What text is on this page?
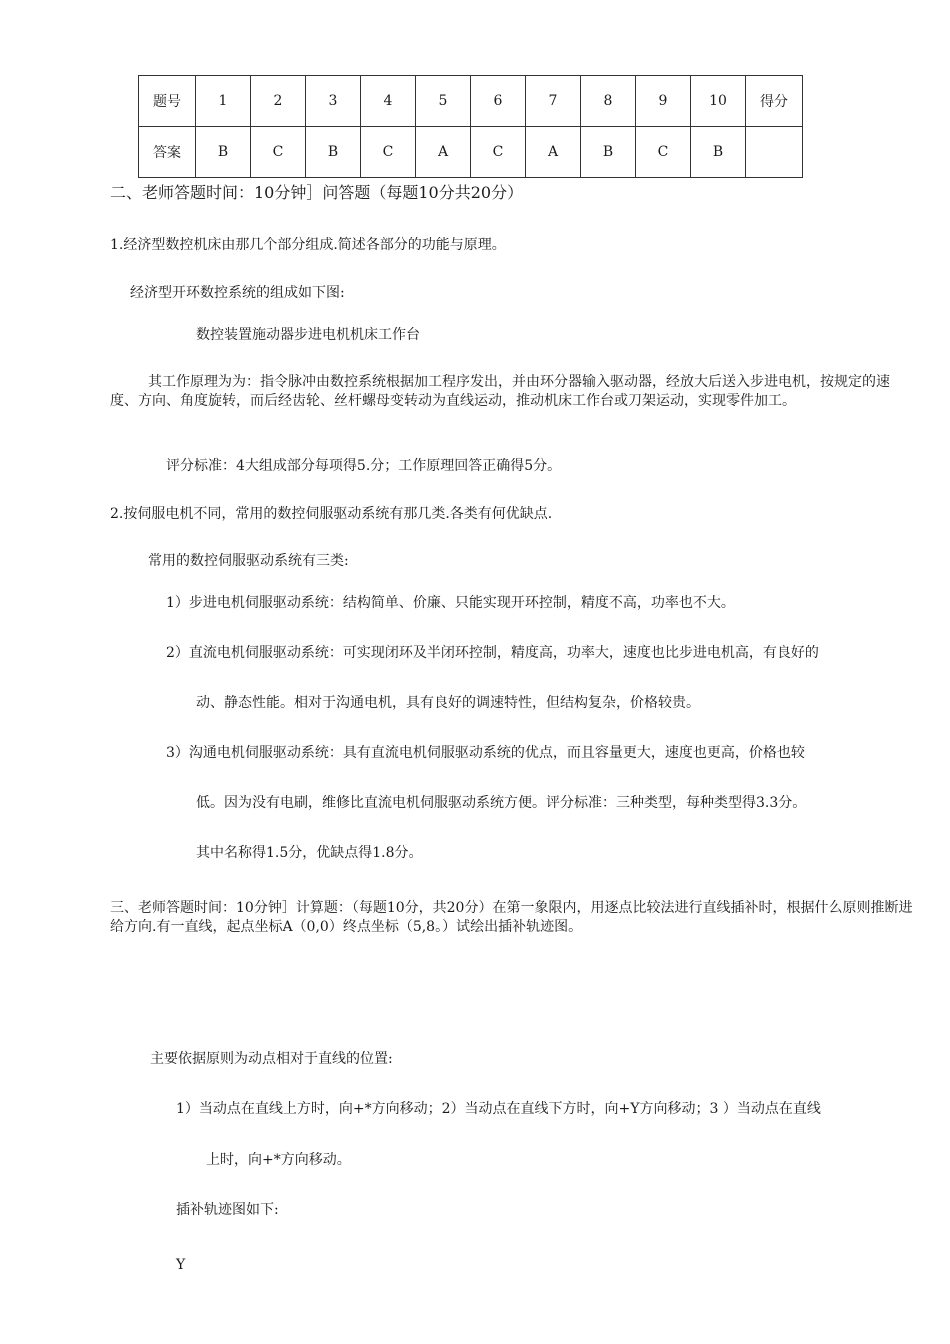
题号	1	2	3	4	5	6	7	8	9	10	得分
答案	B	C	B	C	A	C	A	B	C	B	
二、老师答题时间：10分钟］问答题（每题10分共20分）
1.经济型数控机床由那几个部分组成.简述各部分的功能与原理。
经济型开环数控系统的组成如下图:
数控装置施动器步进电机机床工作台
其工作原理为为：指令脉冲由数控系统根据加工程序发出，并由环分器输入驱动器，经放大后送入步进电机，按规定的速度、方向、角度旋转，而后经齿轮、丝杆螺母变转动为直线运动，推动机床工作台或刀架运动，实现零件加工。
评分标准：4大组成部分每项得5.分；工作原理回答正确得5分。
2.按伺服电机不同，常用的数控伺服驱动系统有那几类.各类有何优缺点.
常用的数控伺服驱动系统有三类:
1）步进电机伺服驱动系统：结构简单、价廉、只能实现开环控制，精度不高，功率也不大。
2）直流电机伺服驱动系统：可实现闭环及半闭环控制，精度高，功率大，速度也比步进电机高，有良好的
动、静态性能。相对于沟通电机，具有良好的调速特性，但结构复杂，价格较贵。
3）沟通电机伺服驱动系统：具有直流电机伺服驱动系统的优点，而且容量更大，速度也更高，价格也较
低。因为没有电刷，维修比直流电机伺服驱动系统方便。评分标准：三种类型，每种类型得3.3分。
其中名称得1.5分，优缺点得1.8分。
三、老师答题时间：10分钟］计算题：（每题10分，共20分）在第一象限内，用逐点比较法进行直线插补时，根据什么原则推断进给方向.有一直线，起点坐标A（0,0）终点坐标（5,8。）试绘出插补轨迹图。
主要依据原则为动点相对于直线的位置:
1）当动点在直线上方时，向+*方向移动；2）当动点在直线下方时，向+Y方向移动；3 ）当动点在直线
上时，向+*方向移动。
插补轨迹图如下:
Y
